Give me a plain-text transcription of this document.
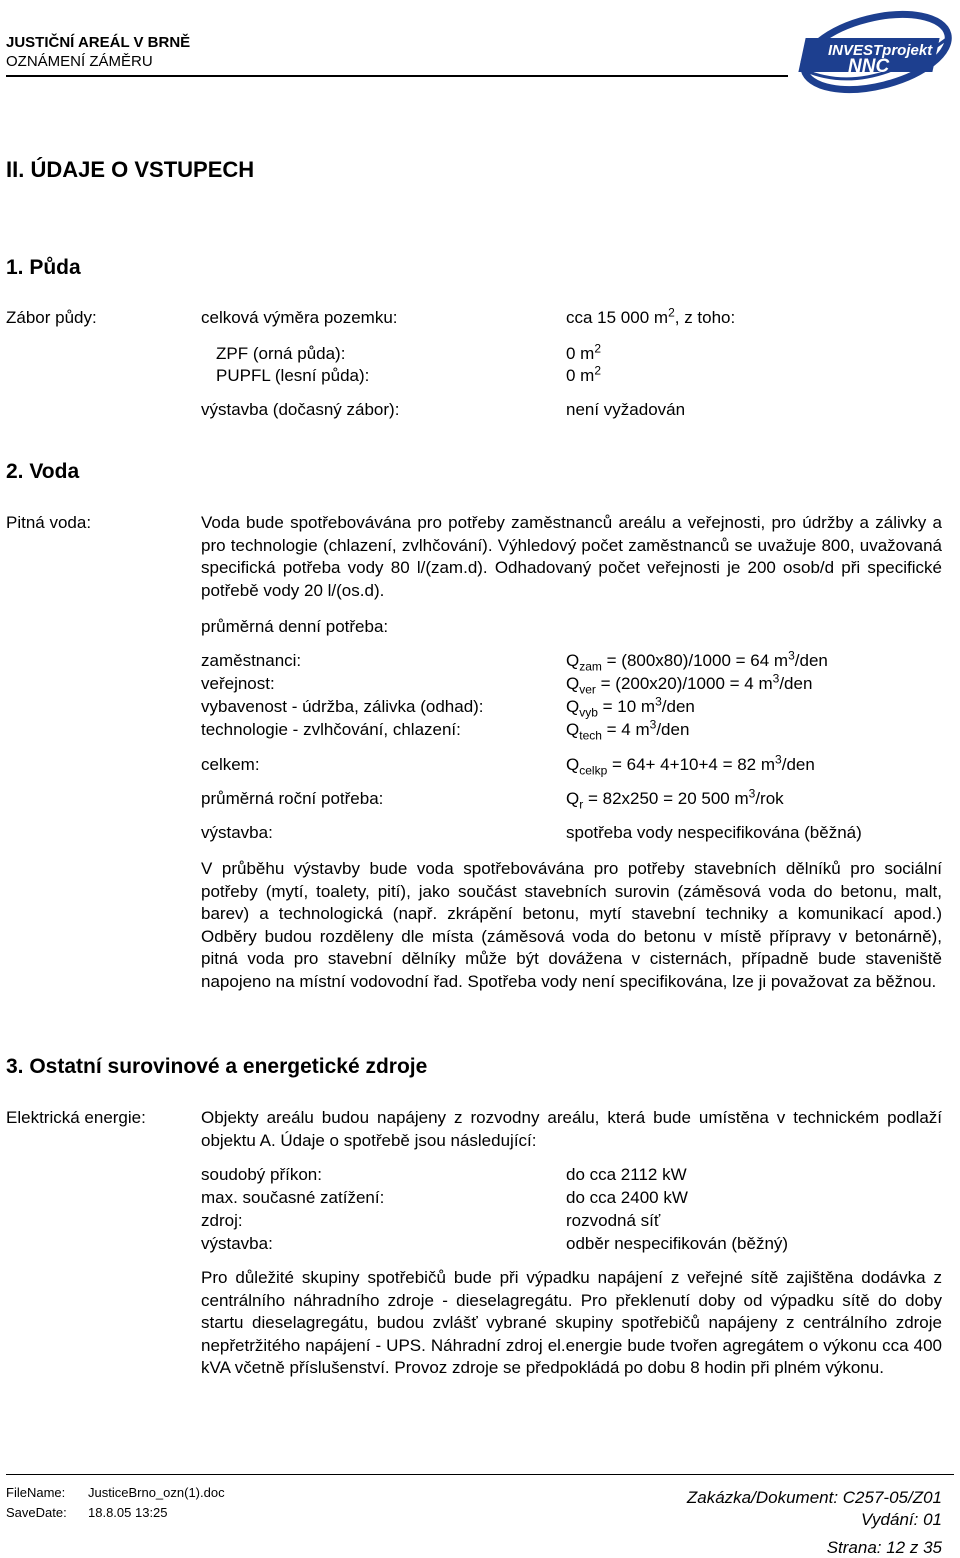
JUSTIČNÍ AREÁL V BRNĚ
OZNÁMENÍ ZÁMĚRU
INVESTprojekt
NNC
II. ÚDAJE O VSTUPECH
1. Půda
Zábor půdy:	celková výměra pozemku:	cca 15 000 $m^2$, z toho:
ZPF (orná půda):	0 $m^2$
PUPFL (lesní půda):	0 $m^2$
výstavba (dočasný zábor):	není vyžadován
2. Voda
Pitná voda:	Voda bude spotřebovávána pro potřeby zaměstnanců areálu a veřejnosti, pro údržby a zálivky a pro technologie (chlazení, zvlhčování). Výhledový počet zaměstnanců se uvažuje 800, uvažovaná specifická potřeba vody 80 l/(zam.d). Odhadovaný počet veřejnosti je 200 osob/d při specifické potřebě vody 20 l/(os.d).
průměrná denní potřeba:
zaměstnanci:	$Q_{zam} = (800x80)/1000 = 64$ $m^3$/den
veřejnost:	$Q_{ver} = (200x20)/1000 = 4$ $m^3$/den
vybavenost - údržba, zálivka (odhad):	$Q_{vyb} = 10$ $m^3$/den
technologie - zvlhčování, chlazení:	$Q_{tech} = 4$ $m^3$/den
celkem:	$Q_{celkp} = 64+ 4+10+4 = 82$ $m^3$/den
průměrná roční potřeba:	$Q_r = 82x250 = 20$ 500 $m^3$/rok
výstavba:	spotřeba vody nespecifikována (běžná)
V průběhu výstavby bude voda spotřebovávána pro potřeby stavebních dělníků pro sociální potřeby (mytí, toalety, pití), jako součást stavebních surovin (záměsová voda do betonu, malt, barev) a technologická (např. zkrápění betonu, mytí stavební techniky a komunikací apod.) Odběry budou rozděleny dle místa (záměsová voda do betonu v místě přípravy v betonárně), pitná voda pro stavební dělníky může být dovážena v cisternách, případně bude staveniště napojeno na místní vodovodní řad. Spotřeba vody není specifikována, lze ji považovat za běžnou.
3. Ostatní surovinové a energetické zdroje
Elektrická energie:	Objekty areálu budou napájeny z rozvodny areálu, která bude umístěna v technickém podlaží objektu A. Údaje o spotřebě jsou následující:
soudobý příkon:	do cca 2112 kW
max. současné zatížení:	do cca 2400 kW
zdroj:	rozvodná síť
výstavba:	odběr nespecifikován (běžný)
Pro důležité skupiny spotřebičů bude při výpadku napájení z veřejné sítě zajištěna dodávka z centrálního náhradního zdroje - dieselagregátu. Pro překlenutí doby od výpadku sítě do doby startu dieselagregátu, budou zvlášť vybrané skupiny spotřebičů napájeny z centrálního zdroje nepřetržitého napájení - UPS. Náhradní zdroj el.energie bude tvořen agregátem o výkonu cca 400 kVA včetně příslušenství. Provoz zdroje se předpokládá po dobu 8 hodin při plném výkonu.
FileName: JusticeBrno_ozn(1).doc
SaveDate: 18.8.05 13:25
Zakázka/Dokument: C257-05/Z01
Vydání: 01
Strana: 12 z 35
